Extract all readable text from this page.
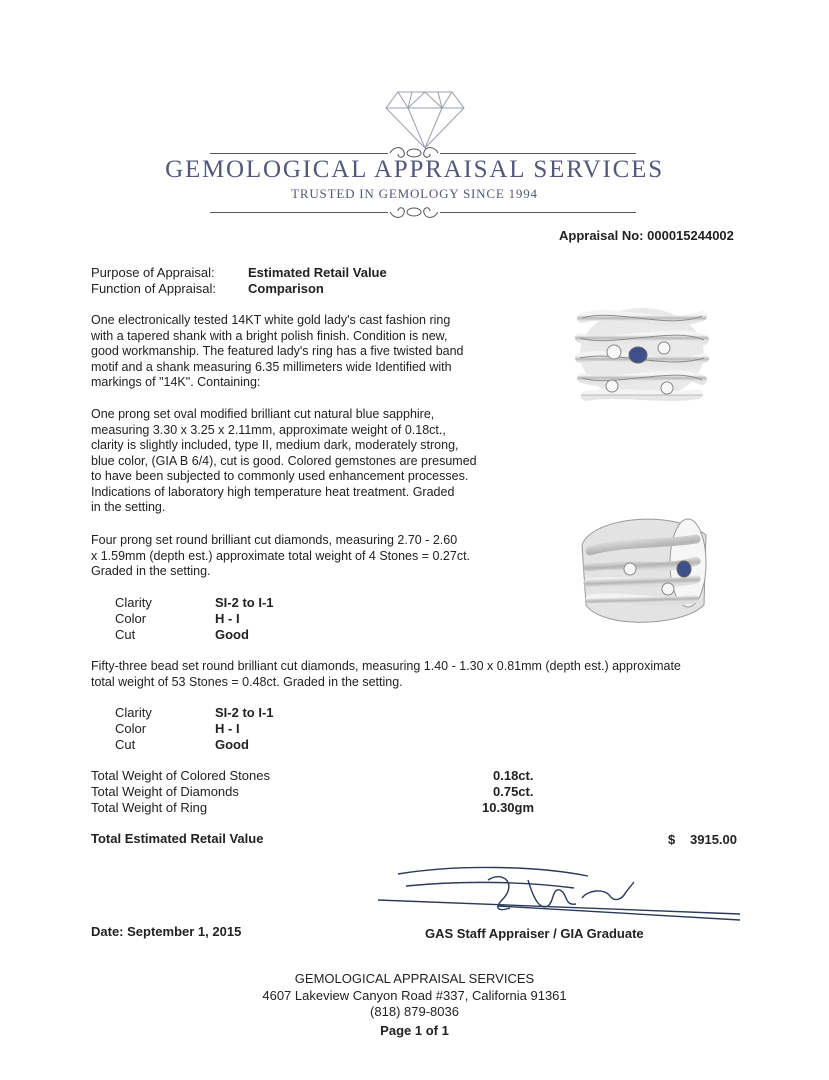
GEMOLOGICAL APPRAISAL SERVICES
TRUSTED IN GEMOLOGY SINCE 1994
Appraisal No: 000015244002
Purpose of Appraisal:	Estimated Retail Value
Function of Appraisal: Comparison
One electronically tested 14KT white gold lady's cast fashion ring
with a tapered shank with a bright polish finish. Condition is new,
good workmanship. The featured lady's ring has a five twisted band
motif and a shank measuring 6.35 millimeters wide Identified with
markings of "14K". Containing:
One prong set oval modified brilliant cut natural blue sapphire,
measuring 3.30 x 3.25 x 2.11mm, approximate weight of 0.18ct.,
clarity is slightly included, type II, medium dark, moderately strong,
blue color, (GIA B 6/4), cut is good. Colored gemstones are presumed
to have been subjected to commonly used enhancement processes.
Indications of laboratory high temperature heat treatment. Graded
in the setting.
Four prong set round brilliant cut diamonds, measuring 2.70 - 2.60
x 1.59mm (depth est.) approximate total weight of 4 Stones = 0.27ct.
Graded in the setting.
Clarity	SI-2 to I-1
Color	H - I
Cut	Good
Fifty-three bead set round brilliant cut diamonds, measuring 1.40 - 1.30 x 0.81mm (depth est.) approximate
total weight of 53 Stones = 0.48ct. Graded in the setting.
Clarity	SI-2 to I-1
Color	H - I
Cut	Good
Total Weight of Colored Stones	0.18ct.
Total Weight of Diamonds	0.75ct.
Total Weight of Ring	10.30gm
Total Estimated Retail Value	$ 3915.00
Date: September 1, 2015	GAS Staff Appraiser / GIA Graduate
GEMOLOGICAL APPRAISAL SERVICES
4607 Lakeview Canyon Road #337, California 91361
(818) 879-8036
Page 1 of 1
